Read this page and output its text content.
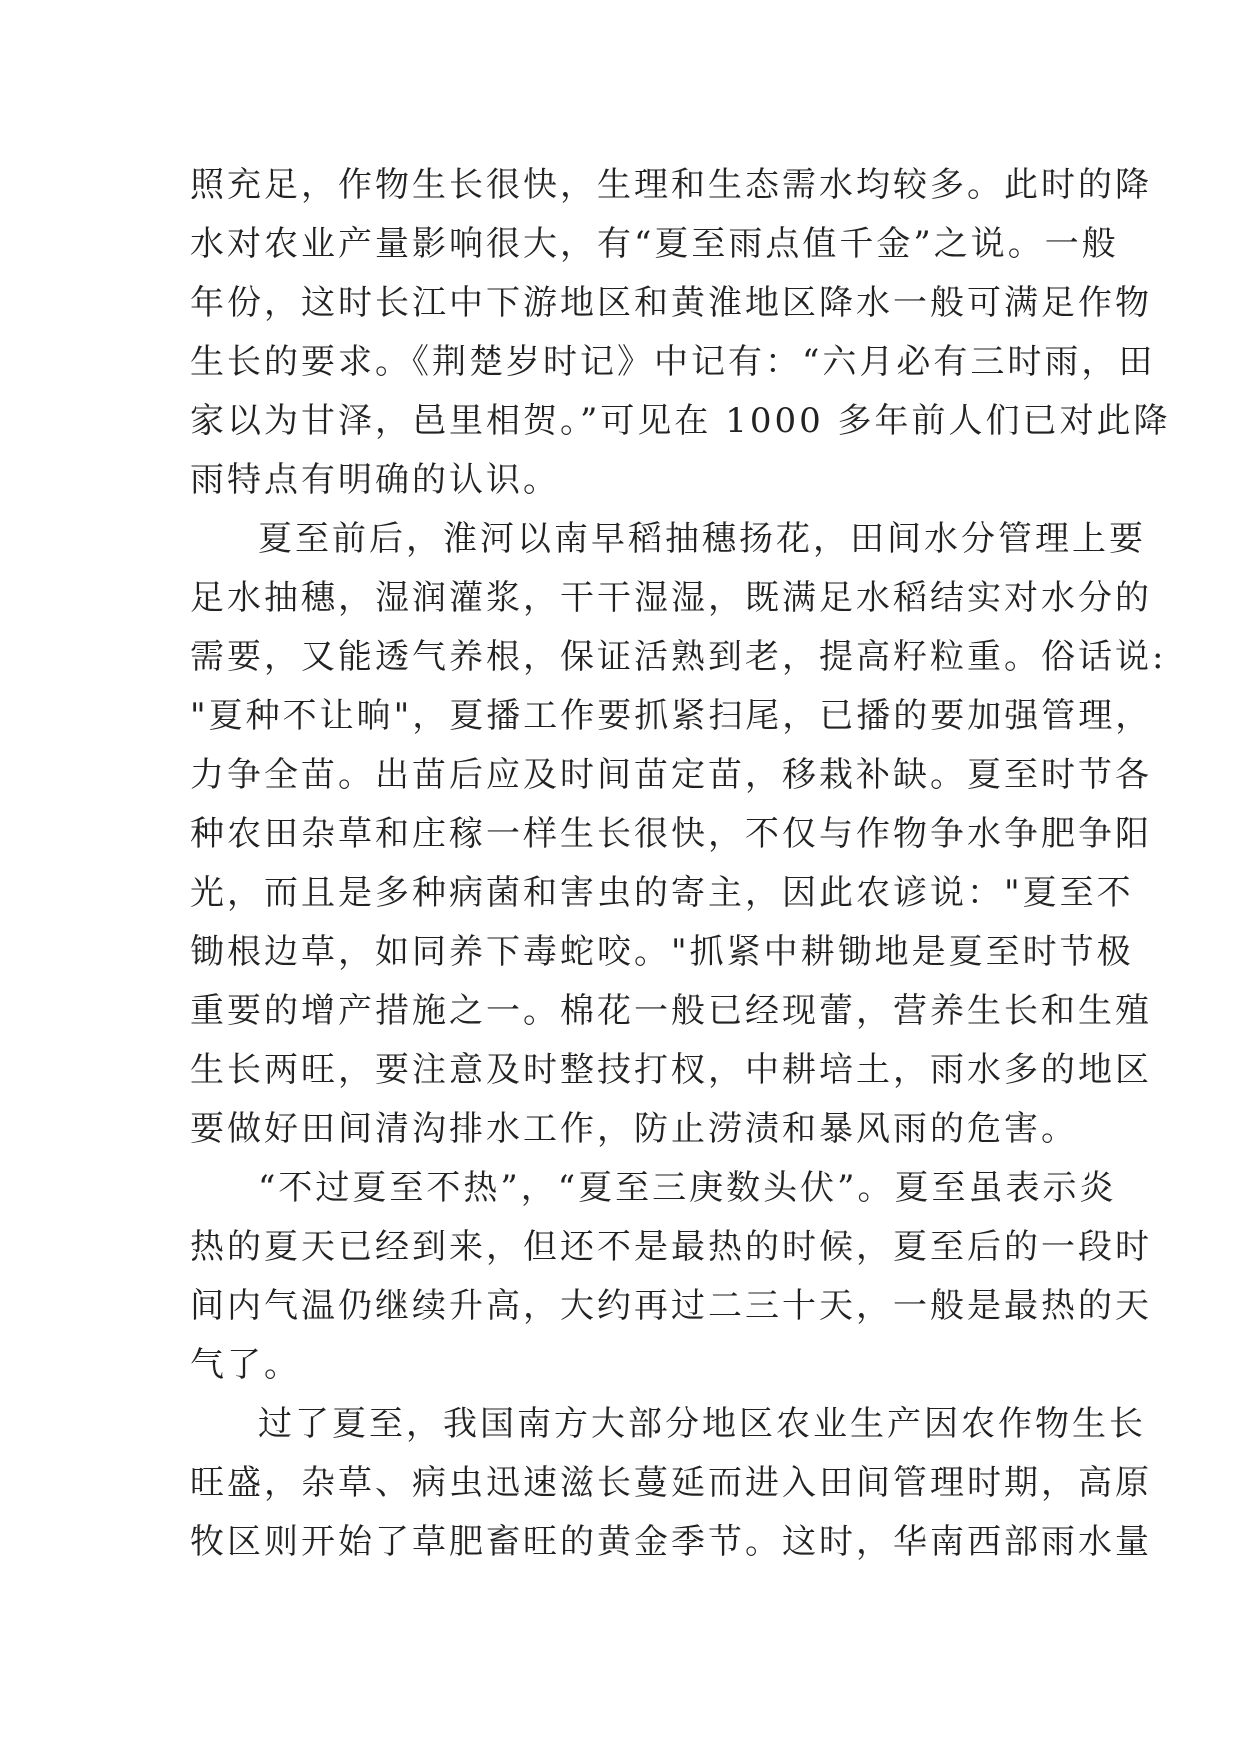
照充足，作物生长很快，生理和生态需水均较多。此时的降
水对农业产量影响很大，有“夏至雨点值千金”之说。一般
年份，这时长江中下游地区和黄淮地区降水一般可满足作物
生长的要求。《荆楚岁时记》中记有：“六月必有三时雨，田
家以为甘泽，邑里相贺。”可见在 1000 多年前人们已对此降
雨特点有明确的认识。
夏至前后，淮河以南早稻抽穗扬花，田间水分管理上要
足水抽穗，湿润灌浆，干干湿湿，既满足水稻结实对水分的
需要，又能透气养根，保证活熟到老，提高籽粒重。俗话说:
"夏种不让晌"，夏播工作要抓紧扫尾，已播的要加强管理，
力争全苗。出苗后应及时间苗定苗，移栽补缺。夏至时节各
种农田杂草和庄稼一样生长很快，不仅与作物争水争肥争阳
光，而且是多种病菌和害虫的寄主，因此农谚说："夏至不
锄根边草，如同养下毒蛇咬。"抓紧中耕锄地是夏至时节极
重要的增产措施之一。棉花一般已经现蕾，营养生长和生殖
生长两旺，要注意及时整技打杈，中耕培土，雨水多的地区
要做好田间清沟排水工作，防止涝渍和暴风雨的危害。
“不过夏至不热”，“夏至三庚数头伏”。夏至虽表示炎
热的夏天已经到来，但还不是最热的时候，夏至后的一段时
间内气温仍继续升高，大约再过二三十天，一般是最热的天
气了。
过了夏至，我国南方大部分地区农业生产因农作物生长
旺盛，杂草、病虫迅速滋长蔓延而进入田间管理时期，高原
牧区则开始了草肥畜旺的黄金季节。这时，华南西部雨水量
